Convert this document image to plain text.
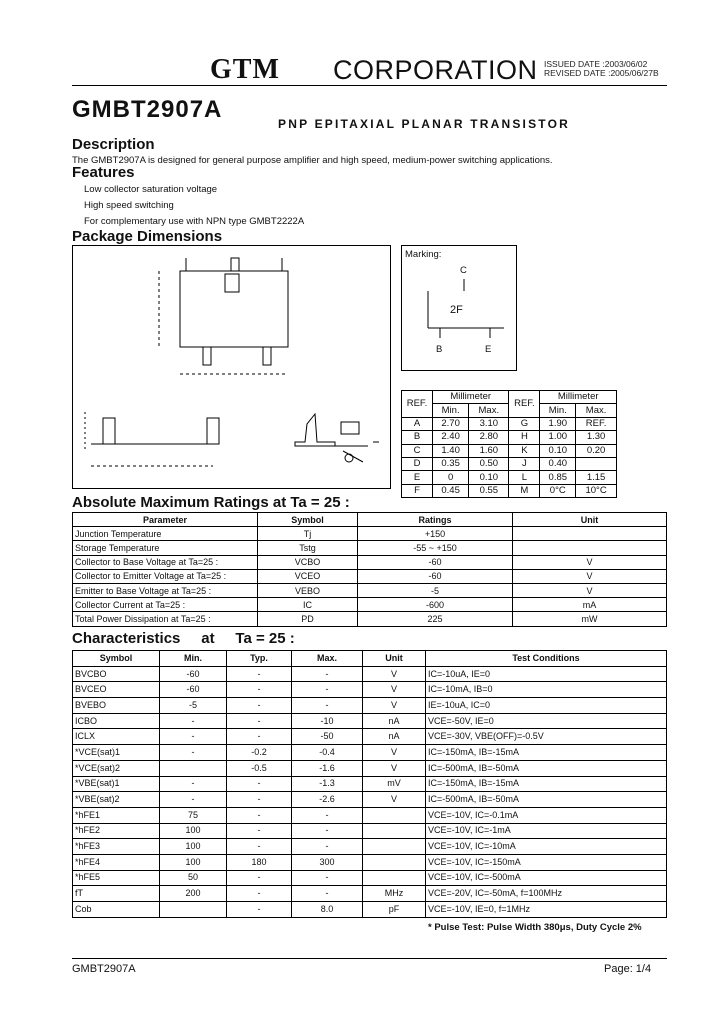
GTM CORPORATION ISSUED DATE :2003/06/02
REVISED DATE :2005/06/27B
GMBT2907A
PNP EPITAXIAL PLANAR TRANSISTOR
Description
The GMBT2907A is designed for general purpose amplifier and high speed, medium-power switching applications.
Features
Low collector saturation voltage
High speed switching
For complementary use with NPN type GMBT2222A
Package Dimensions
Marking:
C
2F
B	E
REF.	Millimeter		REF.	Millimeter	
	Min.	Max.		Min.	Max.
A	2.70	3.10	G	1.90	REF.
B	2.40	2.80	H	1.00	1.30
C	1.40	1.60	K	0.10	0.20
D	0.35	0.50	J	0.40	
E	0	0.10	L	0.85	1.15
F	0.45	0.55	M	0°C	10°C
Absolute Maximum Ratings at Ta = 25 :
Parameter	Symbol	Ratings	Unit
Junction Temperature	Tj	+150	
Storage Temperature	Tstg	-55 ~ +150	
Collector to Base Voltage at Ta=25 :	VCBO	-60	V
Collector to Emitter Voltage at Ta=25 :	VCEO	-60	V
Emitter to Base Voltage at Ta=25 :	VEBO	-5	V
Collector Current at Ta=25 :	IC	-600	mA
Total Power Dissipation at Ta=25 :	PD	225	mW
Characteristics     at     Ta = 25 :
Symbol	Min.	Typ.	Max.	Unit	Test Conditions
BVCBO	-60	-	-	V	IC=-10uA, IE=0
BVCEO	-60	-	-	V	IC=-10mA, IB=0
BVEBO	-5	-	-	V	IE=-10uA, IC=0
ICBO	-	-	-10	nA	VCE=-50V, IE=0
ICLX	-	-	-50	nA	VCE=-30V, VBE(OFF)=-0.5V
*VCE(sat)1	-	-0.2	-0.4	V	IC=-150mA, IB=-15mA
*VCE(sat)2		-0.5	-1.6	V	IC=-500mA, IB=-50mA
*VBE(sat)1	-	-	-1.3	mV	IC=-150mA, IB=-15mA
*VBE(sat)2	-	-	-2.6	V	IC=-500mA, IB=-50mA
*hFE1	75	-	-		VCE=-10V, IC=-0.1mA
*hFE2	100	-	-		VCE=-10V, IC=-1mA
*hFE3	100	-	-		VCE=-10V, IC=-10mA
*hFE4	100	180	300		VCE=-10V, IC=-150mA
*hFE5	50	-	-		VCE=-10V, IC=-500mA
fT	200	-	-	MHz	VCE=-20V, IC=-50mA, f=100MHz
Cob		-	8.0	pF	VCE=-10V, IE=0, f=1MHz
* Pulse Test: Pulse Width 380μs, Duty Cycle 2%
GMBT2907A	Page: 1/4
